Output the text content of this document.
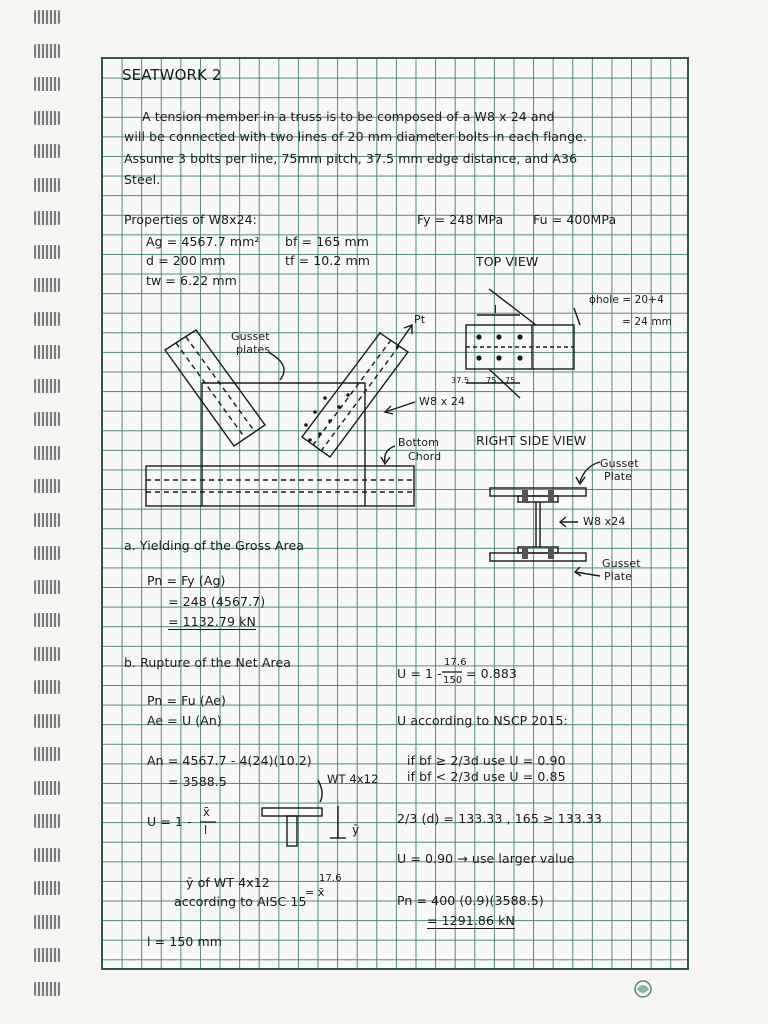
SEATWORK 2
A tension member in a truss is to be composed of a W8 x 24 and
will be connected with two lines of 20 mm diameter bolts in each flange.
Assume 3 bolts per line, 75mm pitch, 37.5 mm edge distance, and A36
Steel.
Properties of W8x24:
Ag = 4567.7 mm² bf = 165 mm
d = 200 mm	tf = 10.2 mm
tw = 6.22 mm
Fy = 248 MPa Fu = 400MPa
Gusset
plates
Pt
W8 x 24
Bottom
Chord
TOP VIEW
ϕhole = 20+4
= 24 mm
l
37.5 75 75
RIGHT SIDE VIEW
Gusset
Plate
W8 x24
Gusset
Plate
a. Yielding of the Gross Area
Pn = Fy (Ag)
= 248 (4567.7)
= 1132.79 kN
b. Rupture of the Net Area
Pn = Fu (Ae)
Ae = U (An)
An = 4567.7 - 4(24)(10.2)
= 3588.5	WT 4x12
U = 1 -
x̄
l	ȳ
ȳ of WT 4x12
according to AISC 15
17.6
= x̄
l = 150 mm
U = 1 -
17.6
150 = 0.883
U according to NSCP 2015:
if bf ≥ 2/3d use U = 0.90
if bf < 2/3d use U = 0.85
2/3 (d) = 133.33 , 165 ≥ 133.33
U = 0.90 → use larger value
Pn = 400 (0.9)(3588.5)
= 1291.86 kN
